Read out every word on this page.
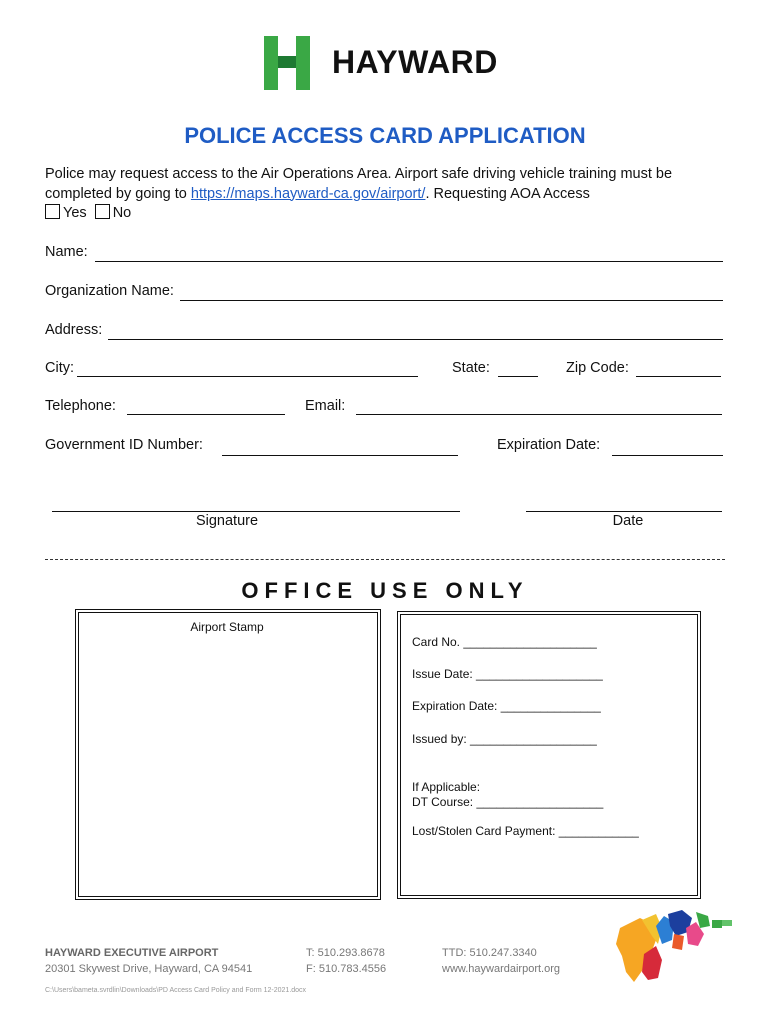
HAYWARD
POLICE ACCESS CARD APPLICATION
Police may request access to the Air Operations Area. Airport safe driving vehicle training must be completed by going to https://maps.hayward-ca.gov/airport/. Requesting AOA Access
Yes No
Name:
Organization Name:
Address:
City:	State:	Zip Code:
Telephone:	Email:
Government ID Number:	Expiration Date:
Signature	Date
OFFICE USE ONLY
Airport Stamp
Card No. ____________________
Issue Date: ___________________
Expiration Date: _______________
Issued by: ___________________
If Applicable:
DT Course: ___________________
Lost/Stolen Card Payment: ____________
HAYWARD EXECUTIVE AIRPORT
20301 Skywest Drive, Hayward, CA 94541
T: 510.293.8678
F: 510.783.4556
TTD: 510.247.3340
www.haywardairport.org
C:\Users\bameta.svrdlin\Downloads\PD Access Card Policy and Form 12-2021.docx
